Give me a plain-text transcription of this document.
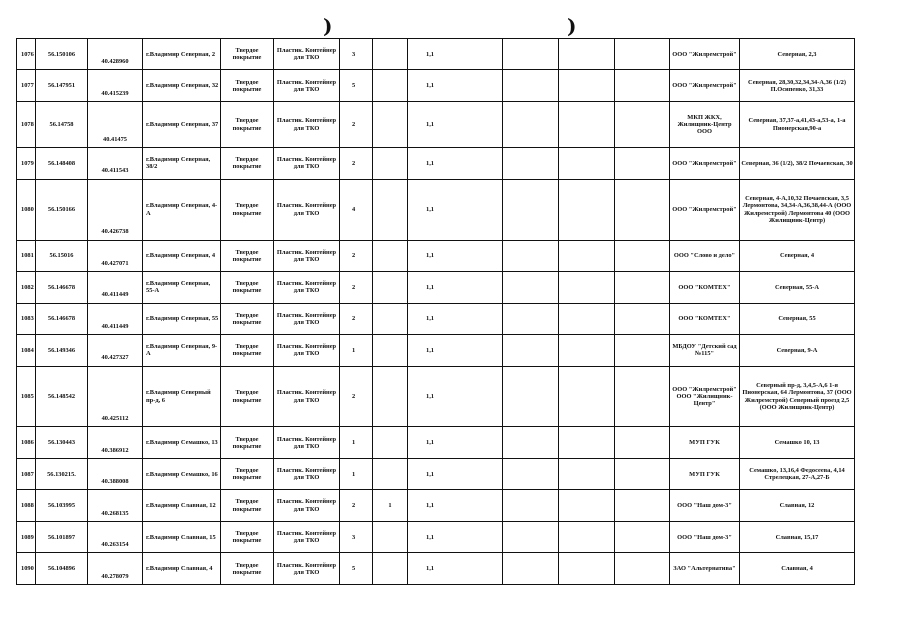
)	)
1076	56.150106	40.428960	г.Владимир Северная, 2	Твердое покрытие	Пластик. Контейнер для ТКО	3		1,1				ООО "Жилремстрой"	Северная, 2,3
1077	56.147951	40.415239	г.Владимир Северная, 32	Твердое покрытие	Пластик. Контейнер для ТКО	5		1,1				ООО "Жилремстрой"	Северная, 28,30,32,34,34-А,36 (1/2) П.Осипенко, 31,33
1078	56.14758	40.41475	г.Владимир Северная, 37	Твердое покрытие	Пластик. Контейнер для ТКО	2		1,1				МКП ЖКХ, Жилищник-Центр ООО	Северная, 37,37-а,41,43-а,53-а, 1-а Пионерская,90-а
1079	56.148408	40.411543	г.Владимир Северная, 38/2	Твердое покрытие	Пластик. Контейнер для ТКО	2		1,1				ООО "Жилремстрой"	Северная, 36 (1/2), 38/2 Почаевская, 30
1080	56.150166	40.426738	г.Владимир Северная, 4-А	Твердое покрытие	Пластик. Контейнер для ТКО	4		1,1				ООО "Жилремстрой"	Северная, 4-А,10,32 Почаевская, 3,5 Лермонтова, 34,34-А,36,38,44-А (ООО Жилремстрой) Лермонтова 40 (ООО Жилищник-Центр)
1081	56.15016	40.427071	г.Владимир Северная, 4	Твердое покрытие	Пластик. Контейнер для ТКО	2		1,1				ООО "Слово и дело"	Северная, 4
1082	56.146678	40.411449	г.Владимир Северная, 55-А	Твердое покрытие	Пластик. Контейнер для ТКО	2		1,1				ООО "КОМТЕХ"	Северная, 55-А
1083	56.146678	40.411449	г.Владимир Северная, 55	Твердое покрытие	Пластик. Контейнер для ТКО	2		1,1				ООО "КОМТЕХ"	Северная, 55
1084	56.149346	40.427327	г.Владимир Северная, 9-А	Твердое покрытие	Пластик. Контейнер для ТКО	1		1,1				МБДОУ "Детский сад №115"	Северная, 9-А
1085	56.148542	40.425112	г.Владимир Северный пр-д, 6	Твердое покрытие	Пластик. Контейнер для ТКО	2		1,1				ООО "Жилремстрой" ООО "Жилищник-Центр"	Северный пр-д, 3,4,5-А,6 1-я Пионерская, 64 Лермонтова, 37 (ООО Жилремстрой) Северный проезд 2,5 (ООО Жилищник-Центр)
1086	56.130443	40.386912	г.Владимир Семашко, 13	Твердое покрытие	Пластик. Контейнер для ТКО	1		1,1				МУП ГУК	Семашко 10, 13
1087	56.130215.	40.388008	г.Владимир Семашко, 16	Твердое покрытие	Пластик. Контейнер для ТКО	1		1,1				МУП ГУК	Семашко, 13,16,4 Федосеева, 4,14 Стрелецкая, 27-А,27-Б
1088	56.103995	40.268135	г.Владимир Славная, 12	Твердое покрытие	Пластик. Контейнер для ТКО	2	1	1,1				ООО "Наш дом-3"	Славная, 12
1089	56.101897	40.263154	г.Владимир Славная, 15	Твердое покрытие	Пластик. Контейнер для ТКО	3		1,1				ООО "Наш дом-3"	Славная, 15,17
1090	56.104896	40.278079	г.Владимир Славная, 4	Твердое покрытие	Пластик. Контейнер для ТКО	5		1,1				ЗАО "Альтернатива"	Славная, 4
